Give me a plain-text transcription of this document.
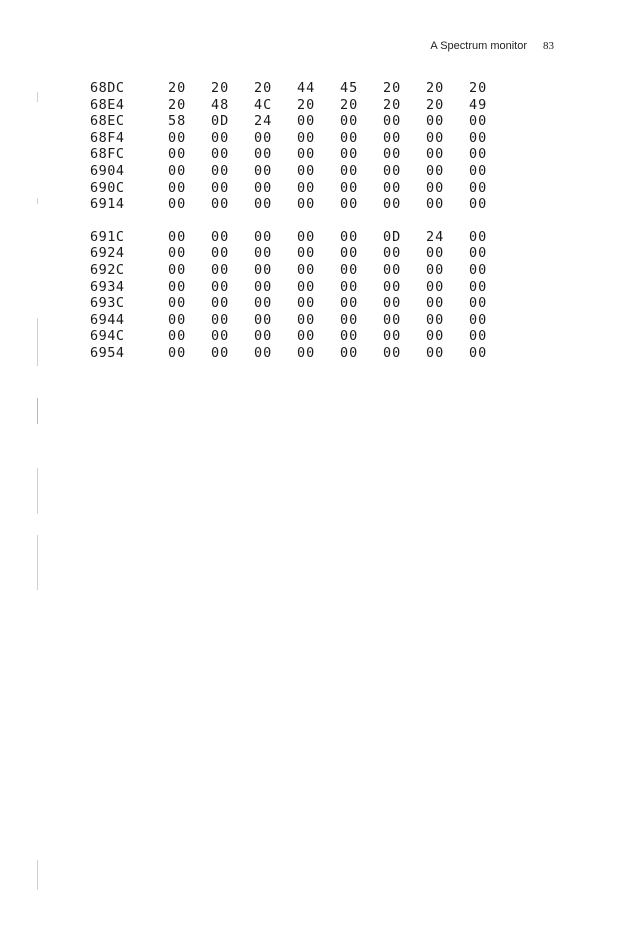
A Spectrum monitor 83
68DC	20	20	20	44	45	20	20	20
68E4	20	48	4C	20	20	20	20	49
68EC	58	0D	24	00	00	00	00	00
68F4	00	00	00	00	00	00	00	00
68FC	00	00	00	00	00	00	00	00
6904	00	00	00	00	00	00	00	00
690C	00	00	00	00	00	00	00	00
6914	00	00	00	00	00	00	00	00
691C	00	00	00	00	00	0D	24	00
6924	00	00	00	00	00	00	00	00
692C	00	00	00	00	00	00	00	00
6934	00	00	00	00	00	00	00	00
693C	00	00	00	00	00	00	00	00
6944	00	00	00	00	00	00	00	00
694C	00	00	00	00	00	00	00	00
6954	00	00	00	00	00	00	00	00
